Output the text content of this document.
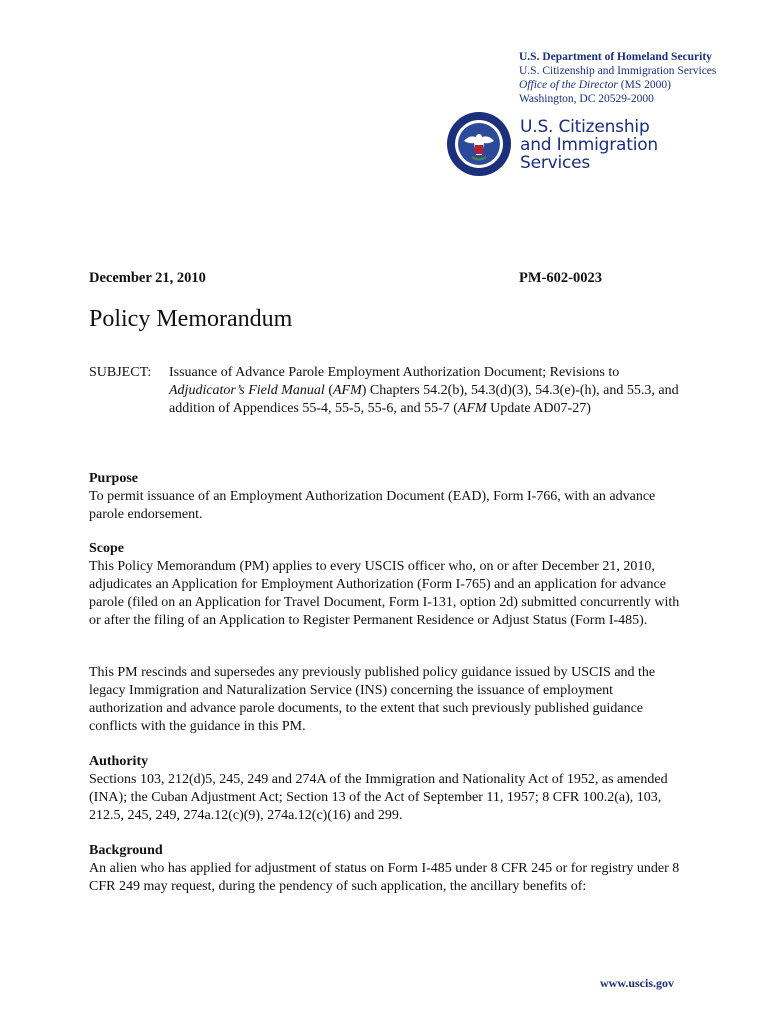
U.S. Department of Homeland Security
U.S. Citizenship and Immigration Services
Office of the Director (MS 2000)
Washington, DC 20529-2000
U.S. Citizenship
and Immigration
Services
December 21, 2010	PM-602-0023
Policy Memorandum
SUBJECT: Issuance of Advance Parole Employment Authorization Document; Revisions to Adjudicator’s Field Manual (AFM) Chapters 54.2(b), 54.3(d)(3), 54.3(e)-(h), and 55.3, and addition of Appendices 55-4, 55-5, 55-6, and 55-7 (AFM Update AD07-27)
Purpose

To permit issuance of an Employment Authorization Document (EAD), Form I-766, with an advance parole endorsement.

Scope

This Policy Memorandum (PM) applies to every USCIS officer who, on or after December 21, 2010, adjudicates an Application for Employment Authorization (Form I-765) and an application for advance parole (filed on an Application for Travel Document, Form I-131, option 2d) submitted concurrently with or after the filing of an Application to Register Permanent Residence or Adjust Status (Form I-485).

This PM rescinds and supersedes any previously published policy guidance issued by USCIS and the legacy Immigration and Naturalization Service (INS) concerning the issuance of employment authorization and advance parole documents, to the extent that such previously published guidance conflicts with the guidance in this PM.

Authority

Sections 103, 212(d)5, 245, 249 and 274A of the Immigration and Nationality Act of 1952, as amended (INA); the Cuban Adjustment Act; Section 13 of the Act of September 11, 1957; 8 CFR 100.2(a), 103, 212.5, 245, 249, 274a.12(c)(9), 274a.12(c)(16) and 299.

Background

An alien who has applied for adjustment of status on Form I-485 under 8 CFR 245 or for registry under 8 CFR 249 may request, during the pendency of such application, the ancillary benefits of:

www.uscis.gov
